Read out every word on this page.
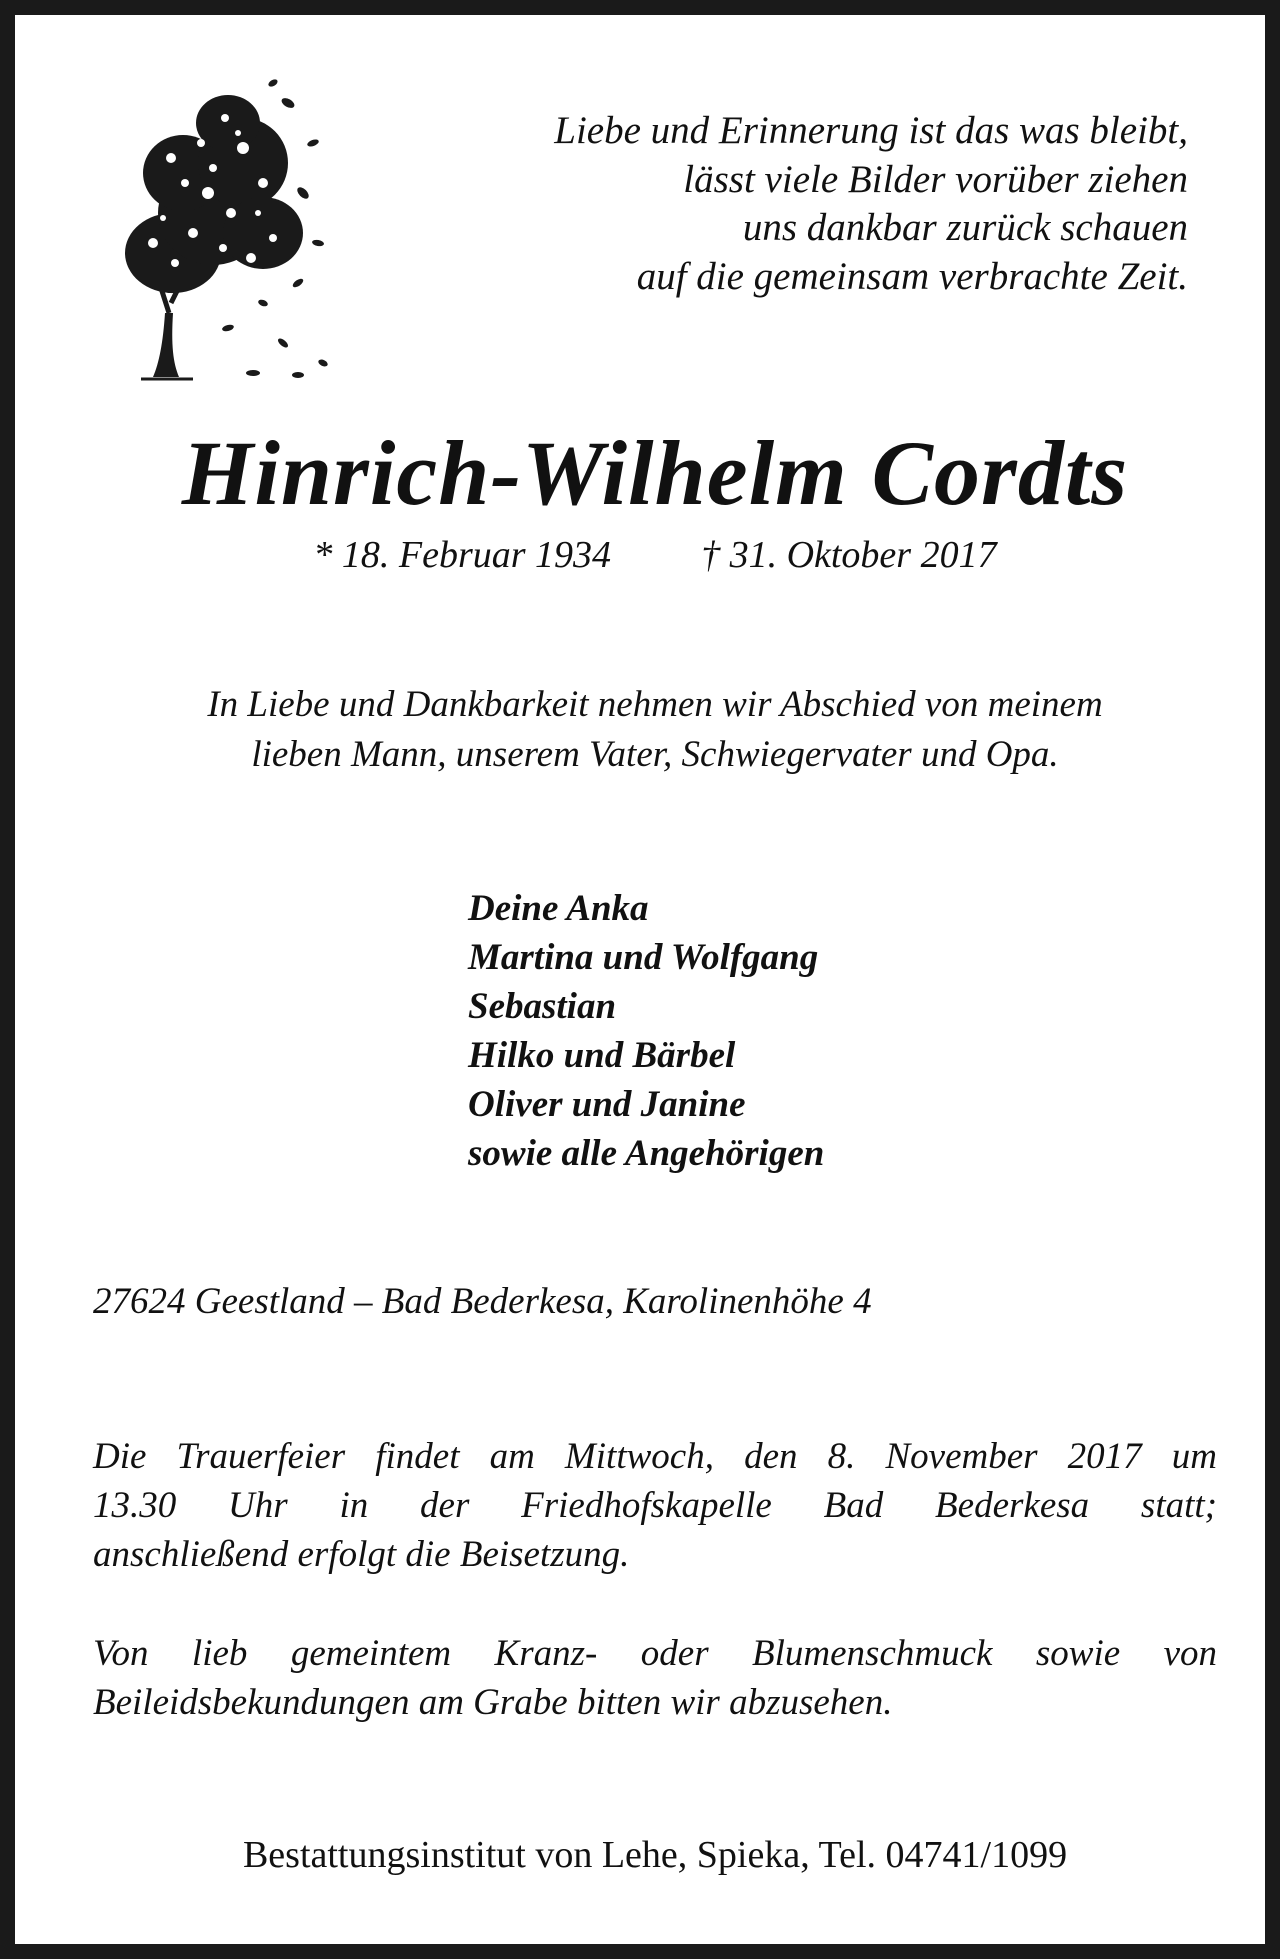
Liebe und Erinnerung ist das was bleibt,
lässt viele Bilder vorüber ziehen
uns dankbar zurück schauen
auf die gemeinsam verbrachte Zeit.
Hinrich-Wilhelm Cordts
* 18. Februar 1934 † 31. Oktober 2017
In Liebe und Dankbarkeit nehmen wir Abschied von meinem
lieben Mann, unserem Vater, Schwiegervater und Opa.
Deine Anka
Martina und Wolfgang
Sebastian
Hilko und Bärbel
Oliver und Janine
sowie alle Angehörigen
27624 Geestland – Bad Bederkesa, Karolinenhöhe 4
Die Trauerfeier findet am Mittwoch, den 8. November 2017 um
13.30 Uhr in der Friedhofskapelle Bad Bederkesa statt;
anschließend erfolgt die Beisetzung.
Von lieb gemeintem Kranz- oder Blumenschmuck sowie von
Beileidsbekundungen am Grabe bitten wir abzusehen.
Bestattungsinstitut von Lehe, Spieka, Tel. 04741/1099
